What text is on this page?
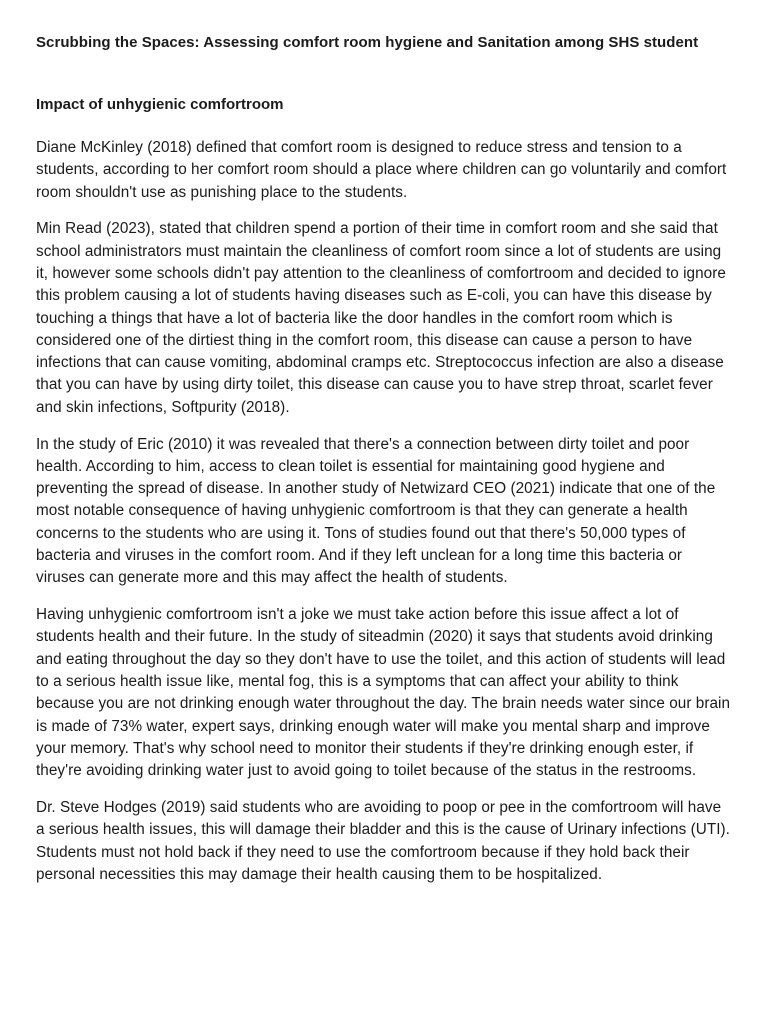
Scrubbing the Spaces: Assessing comfort room hygiene and Sanitation among SHS student
Impact of unhygienic comfortroom

Diane McKinley (2018) defined that comfort room is designed to reduce stress and tension to a students, according to her comfort room should a place where children can go voluntarily and comfort room shouldn't use as punishing place to the students.

Min Read (2023), stated that children spend a portion of their time in comfort room and she said that school administrators must maintain the cleanliness of comfort room since a lot of students are using it, however some schools didn't pay attention to the cleanliness of comfortroom and decided to ignore this problem causing a lot of students having diseases such as E-coli, you can have this disease by touching a things that have a lot of bacteria like the door handles in the comfort room which is considered one of the dirtiest thing in the comfort room, this disease can cause a person to have infections that can cause vomiting, abdominal cramps etc. Streptococcus infection are also a disease that you can have by using dirty toilet, this disease can cause you to have strep throat, scarlet fever and skin infections, Softpurity (2018).

In the study of Eric (2010) it was revealed that there's a connection between dirty toilet and poor health. According to him, access to clean toilet is essential for maintaining good hygiene and preventing the spread of disease. In another study of Netwizard CEO (2021) indicate that one of the most notable consequence of having unhygienic comfortroom is that they can generate a health concerns to the students who are using it. Tons of studies found out that there's 50,000 types of bacteria and viruses in the comfort room. And if they left unclean for a long time this bacteria or viruses can generate more and this may affect the health of students.

Having unhygienic comfortroom isn't a joke we must take action before this issue affect a lot of students health and their future. In the study of siteadmin (2020) it says that students avoid drinking and eating throughout the day so they don't have to use the toilet, and this action of students will lead to a serious health issue like, mental fog, this is a symptoms that can affect your ability to think because you are not drinking enough water throughout the day. The brain needs water since our brain is made of 73% water, expert says, drinking enough water will make you mental sharp and improve your memory. That's why school need to monitor their students if they're drinking enough ester, if they're avoiding drinking water just to avoid going to toilet because of the status in the restrooms.

Dr. Steve Hodges (2019) said students who are avoiding to poop or pee in the comfortroom will have a serious health issues, this will damage their bladder and this is the cause of Urinary infections (UTI). Students must not hold back if they need to use the comfortroom because if they hold back their personal necessities this may damage their health causing them to be hospitalized.
